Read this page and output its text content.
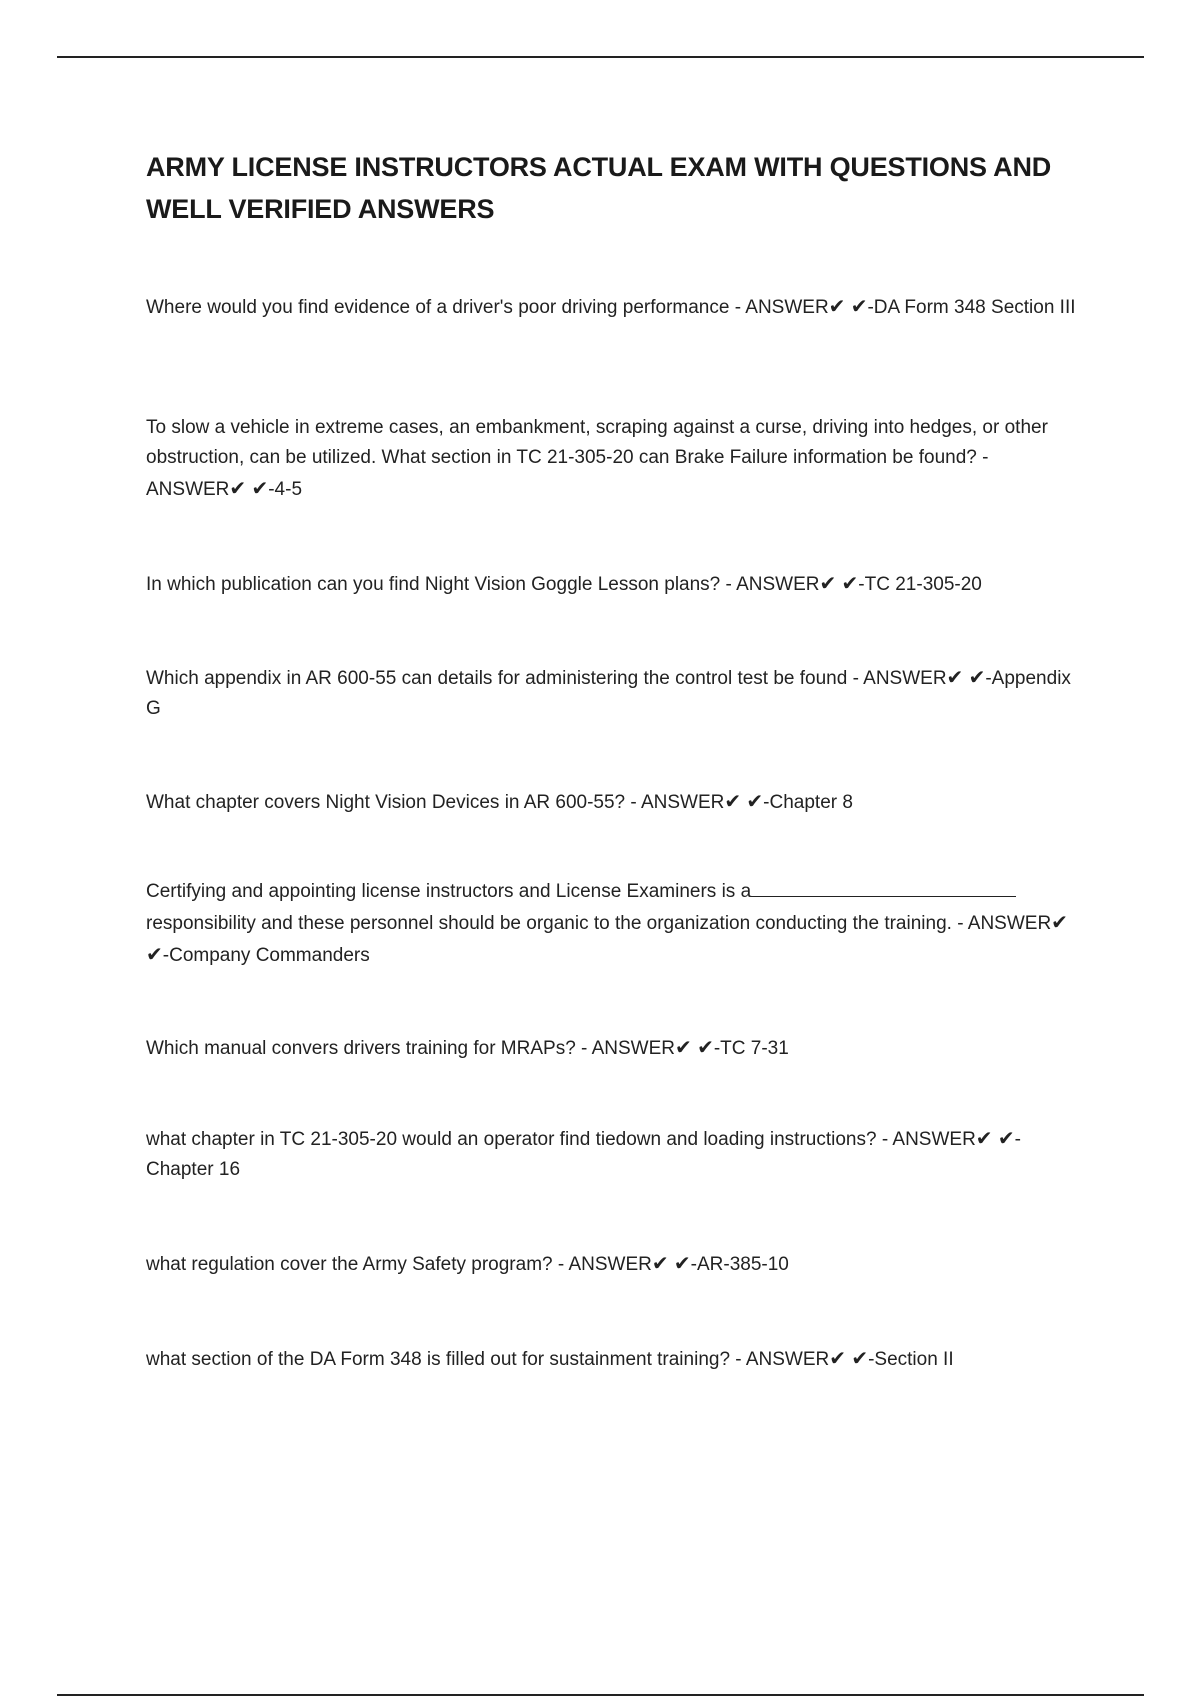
ARMY LICENSE INSTRUCTORS ACTUAL EXAM WITH QUESTIONS AND WELL VERIFIED ANSWERS

Where would you find evidence of a driver's poor driving performance - ANSWER✔ ✔-DA Form 348 Section III

To slow a vehicle in extreme cases, an embankment, scraping against a curse, driving into hedges, or other obstruction, can be utilized. What section in TC 21-305-20 can Brake Failure information be found? - ANSWER✔ ✔-4-5

In which publication can you find Night Vision Goggle Lesson plans? - ANSWER✔ ✔-TC 21-305-20

Which appendix in AR 600-55 can details for administering the control test be found - ANSWER✔ ✔-Appendix G

What chapter covers Night Vision Devices in AR 600-55? - ANSWER✔ ✔-Chapter 8

Certifying and appointing license instructors and License Examiners is a responsibility and these personnel should be organic to the organization conducting the training. - ANSWER✔ ✔-Company Commanders

Which manual convers drivers training for MRAPs? - ANSWER✔ ✔-TC 7-31

what chapter in TC 21-305-20 would an operator find tiedown and loading instructions? - ANSWER✔ ✔-Chapter 16

what regulation cover the Army Safety program? - ANSWER✔ ✔-AR-385-10

what section of the DA Form 348 is filled out for sustainment training? - ANSWER✔ ✔-Section II
